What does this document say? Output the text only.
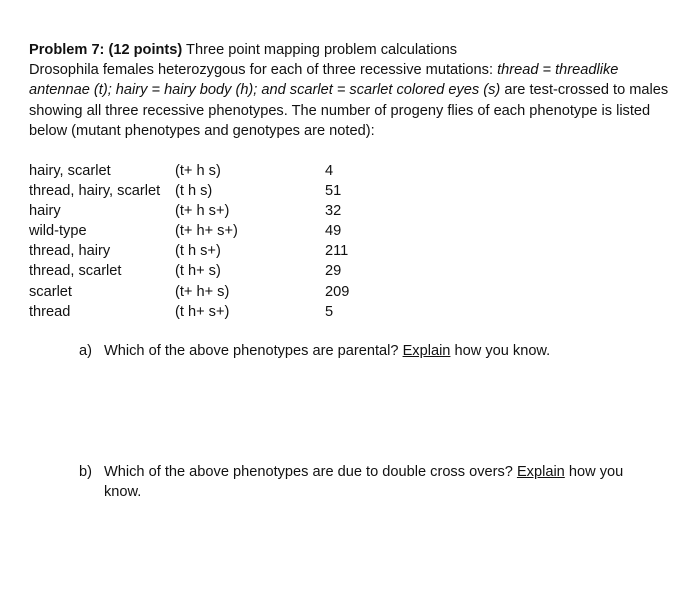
Problem 7: (12 points) Three point mapping problem calculations
Drosophila females heterozygous for each of three recessive mutations: thread = threadlike antennae (t); hairy = hairy body (h); and scarlet = scarlet colored eyes (s) are test-crossed to males showing all three recessive phenotypes. The number of progeny flies of each phenotype is listed below (mutant phenotypes and genotypes are noted):
hairy, scarlet	(t+ h s)	4
thread, hairy, scarlet (t h s)	51
hairy	(t+ h s+)	32
wild-type	(t+ h+ s+)	49
thread, hairy	(t h s+)	211
thread, scarlet	(t h+ s)	29
scarlet	(t+ h+ s)	209
thread	(t h+ s+)	5
a) Which of the above phenotypes are parental? Explain how you know.
b) Which of the above phenotypes are due to double cross overs? Explain how you know.
